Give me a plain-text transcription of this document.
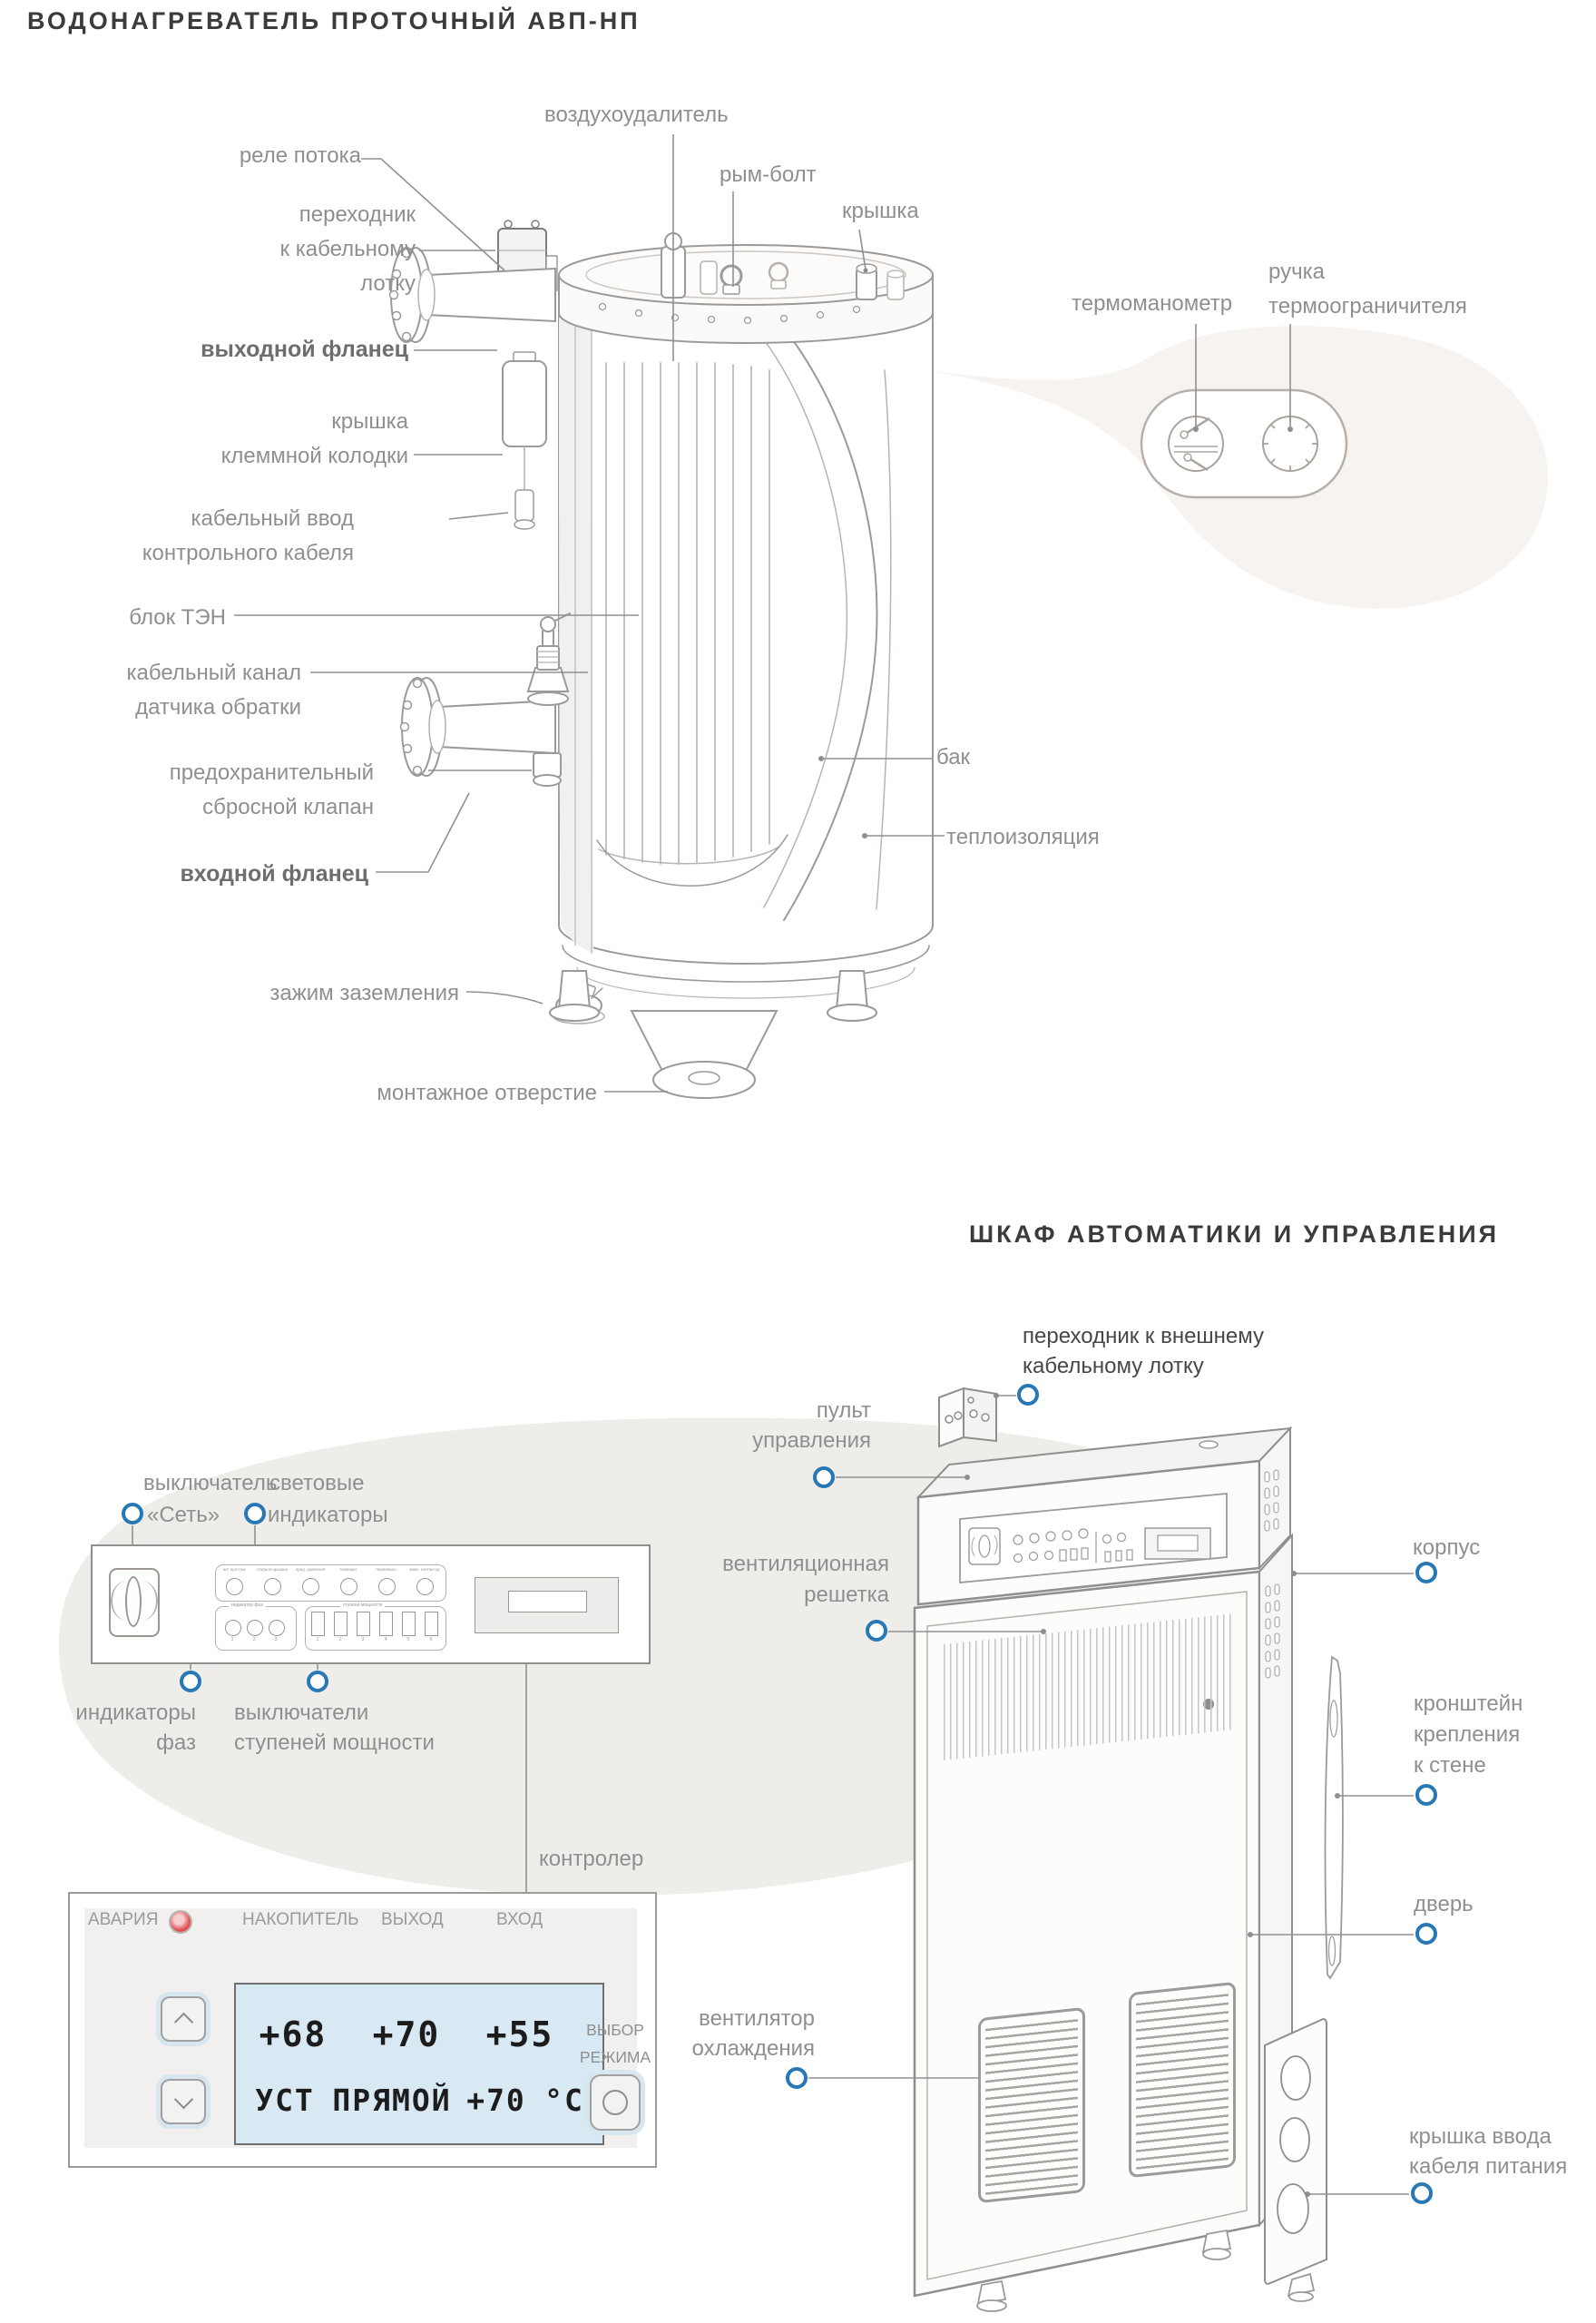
ВОДОНАГРЕВАТЕЛЬ ПРОТОЧНЫЙ АВП-НП
ШКАФ АВТОМАТИКИ И УПРАВЛЕНИЯ
воздухоудалитель
реле потока
переходник
к кабельному
лотку
выходной фланец
крышка
клеммной колодки
кабельный ввод
контрольного кабеля
блок ТЭН
кабельный канал
датчика обратки
предохранительный
сбросной клапан
входной фланец
зажим заземления
монтажное отверстие
рым-болт
крышка
бак
теплоизоляция
термоманометр
ручка
термоограничителя
переходник к внешнему
кабельному лотку
пульт
управления
вентиляционная
решетка
корпус
кронштейн
крепления
к стене
дверь
вентилятор
охлаждения
крышка ввода
кабеля питания
контролер
нет протока	открыта крышка	пред. давления	терморег.	термовыкл.	макс. контактор
индикатор фаз	ступени мощности
1	2	3	1	2	3	4	5	6
выключатель
«Сеть»
световые
индикаторы
индикаторы
фаз
выключатели
ступеней мощности
АВАРИЯ	НАКОПИТЕЛЬ ВЫХОД	ВХОД
+68 +70 +55
УСТ ПРЯМОЙ +70 °С
ВЫБОР
РЕЖИМА
